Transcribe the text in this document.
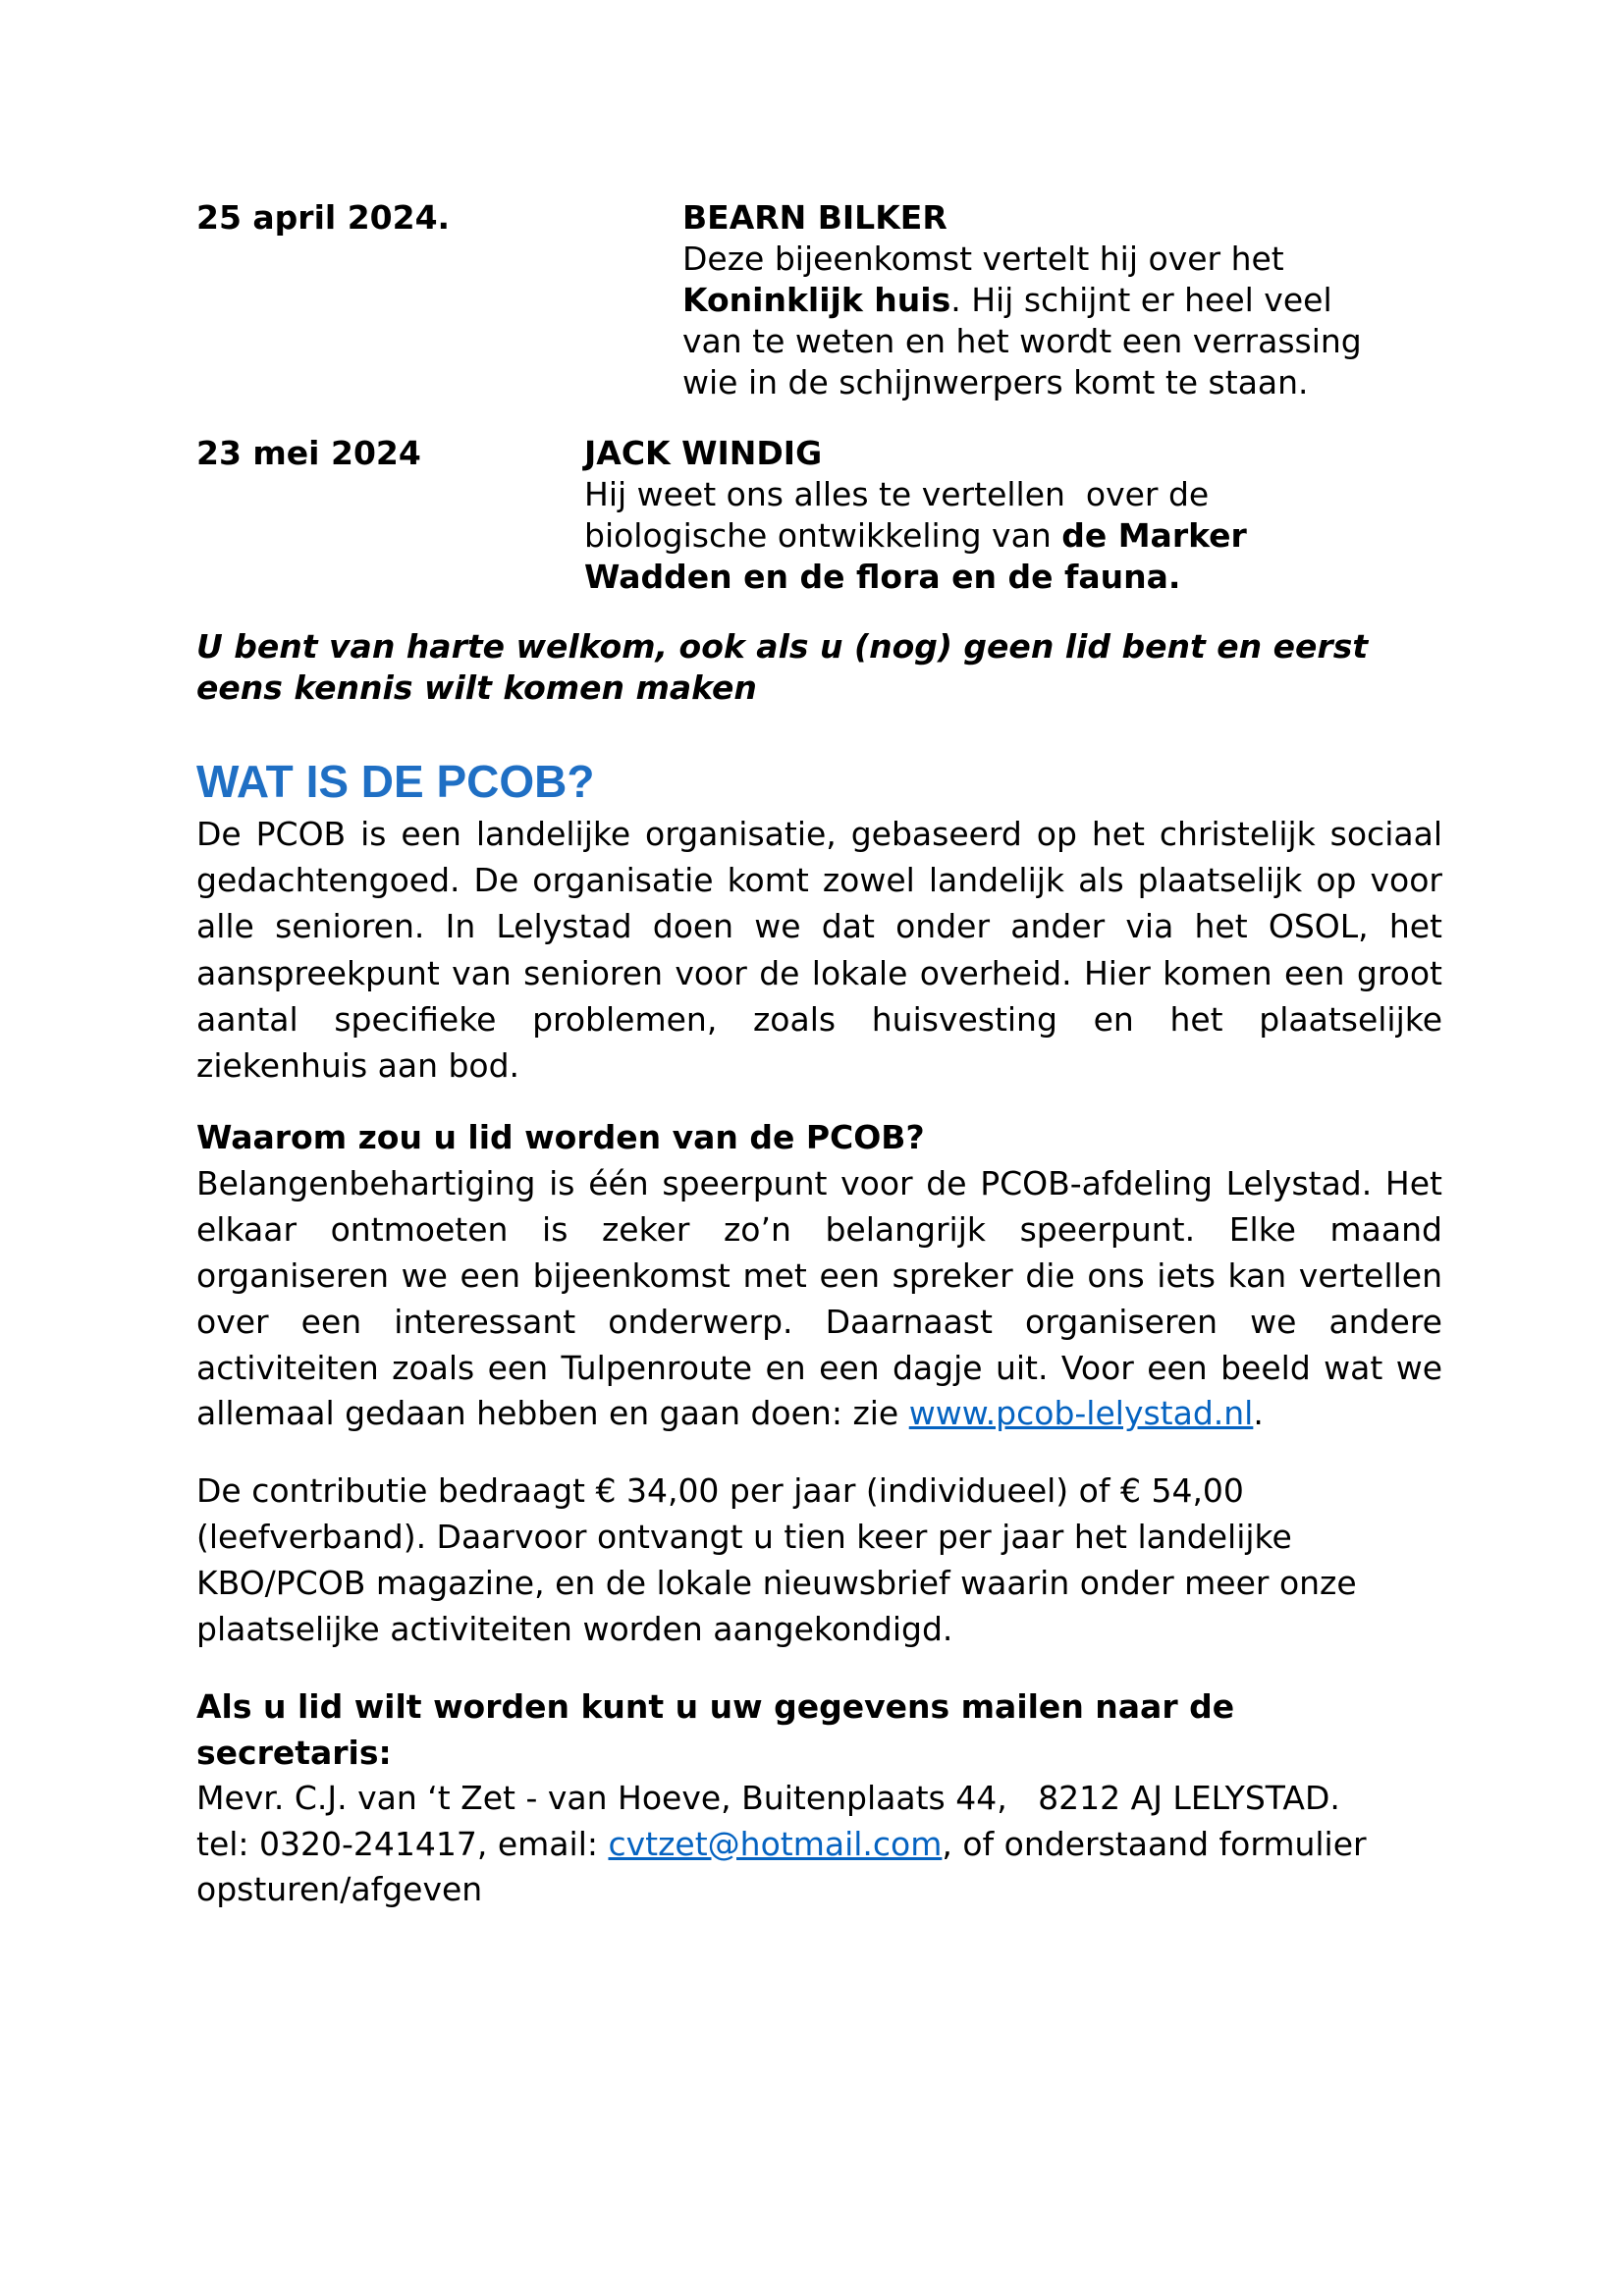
25 april 2024.	BEARN BILKER
Deze bijeenkomst vertelt hij over het
Koninklijk huis. Hij schijnt er heel veel
van te weten en het wordt een verrassing
wie in de schijnwerpers komt te staan.
23 mei 2024	JACK WINDIG
Hij weet ons alles te vertellen  over de
biologische ontwikkeling van de Marker
Wadden en de flora en de fauna.
U bent van harte welkom, ook als u (nog) geen lid bent en eerst
eens kennis wilt komen maken
WAT IS DE PCOB?
De PCOB is een landelijke organisatie, gebaseerd op het christelijk sociaal
gedachtengoed. De organisatie komt zowel landelijk als plaatselijk op voor
alle senioren. In Lelystad doen we dat onder ander via het OSOL, het
aanspreekpunt van senioren voor de lokale overheid. Hier komen een groot
aantal specifieke problemen, zoals huisvesting en het plaatselijke
ziekenhuis aan bod.
Waarom zou u lid worden van de PCOB?
Belangenbehartiging is één speerpunt voor de PCOB-afdeling Lelystad. Het
elkaar ontmoeten is zeker zo’n belangrijk speerpunt. Elke maand
organiseren we een bijeenkomst met een spreker die ons iets kan vertellen
over een interessant onderwerp. Daarnaast organiseren we andere
activiteiten zoals een Tulpenroute en een dagje uit. Voor een beeld wat we
allemaal gedaan hebben en gaan doen: zie www.pcob-lelystad.nl.
De contributie bedraagt € 34,00 per jaar (individueel) of € 54,00
(leefverband). Daarvoor ontvangt u tien keer per jaar het landelijke
KBO/PCOB magazine, en de lokale nieuwsbrief waarin onder meer onze
plaatselijke activiteiten worden aangekondigd.
Als u lid wilt worden kunt u uw gegevens mailen naar de
secretaris:
Mevr. C.J. van ‘t Zet - van Hoeve, Buitenplaats 44,   8212 AJ LELYSTAD.
tel: 0320-241417, email: cvtzet@hotmail.com, of onderstaand formulier
opsturen/afgeven
